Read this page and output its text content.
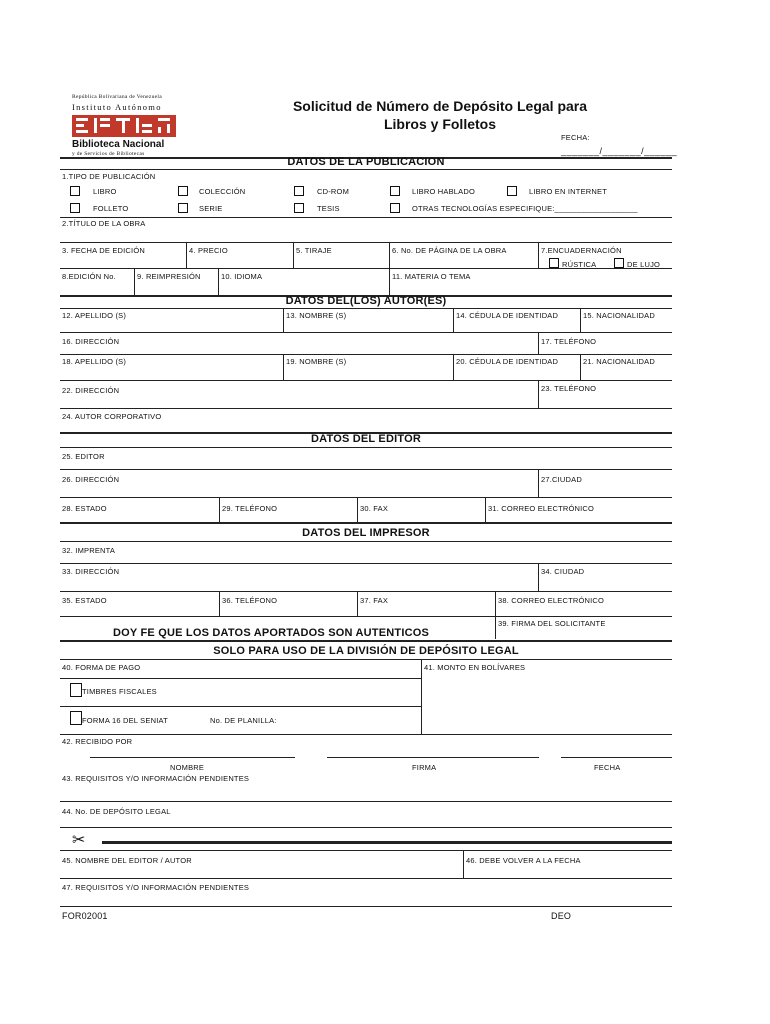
República Bolivariana de Venezuela
Instituto Autónomo
Biblioteca Nacional
y de Servicios de Bibliotecas
Solicitud de Número de Depósito Legal para
Libros y Folletos
FECHA:
_______/_______/______
DATOS DE LA PUBLICACION
1.TIPO DE PUBLICACIÓN
LIBRO	COLECCIÓN	CD-ROM	LIBRO HABLADO	LIBRO EN INTERNET
FOLLETO	SERIE	TESIS	OTRAS TECNOLOGÍAS ESPECIFIQUE:___________________
2.TÍTULO DE LA OBRA
3. FECHA DE EDICIÓN	4. PRECIO	5. TIRAJE	6. No. DE PÁGINA DE LA OBRA	7.ENCUADERNACIÓN
RÚSTICA	DE LUJO
8.EDICIÓN No.	9. REIMPRESIÓN	10. IDIOMA	11. MATERIA O TEMA
DATOS DEL(LOS) AUTOR(ES)
12. APELLIDO (S)	13. NOMBRE (S)	14. CÉDULA DE IDENTIDAD	15. NACIONALIDAD
16. DIRECCIÓN	17. TELÉFONO
18. APELLIDO (S)	19. NOMBRE (S)	20. CÉDULA DE IDENTIDAD	21. NACIONALIDAD
22. DIRECCIÓN	23. TELÉFONO
24. AUTOR CORPORATIVO
DATOS DEL EDITOR
25. EDITOR
26. DIRECCIÓN	27.CIUDAD
28. ESTADO	29. TELÉFONO	30. FAX	31. CORREO ELECTRÓNICO
DATOS DEL IMPRESOR
32. IMPRENTA
33. DIRECCIÓN	34. CIUDAD
35. ESTADO	36. TELÉFONO	37. FAX	38. CORREO ELECTRÓNICO
39. FIRMA DEL SOLICITANTE
DOY FE QUE LOS DATOS APORTADOS SON AUTENTICOS
SOLO PARA USO DE LA DIVISIÓN DE DEPÓSITO LEGAL
40. FORMA DE PAGO	41. MONTO EN BOLÍVARES
TIMBRES FISCALES
FORMA 16 DEL SENIAT	No. DE PLANILLA:
42. RECIBIDO POR
NOMBRE	FIRMA	FECHA
43. REQUISITOS Y/O INFORMACIÓN PENDIENTES
44. No. DE DEPÓSITO LEGAL
✂
45. NOMBRE DEL EDITOR / AUTOR	46. DEBE VOLVER A LA FECHA
47. REQUISITOS Y/O INFORMACIÓN PENDIENTES
FOR02001	DEO
